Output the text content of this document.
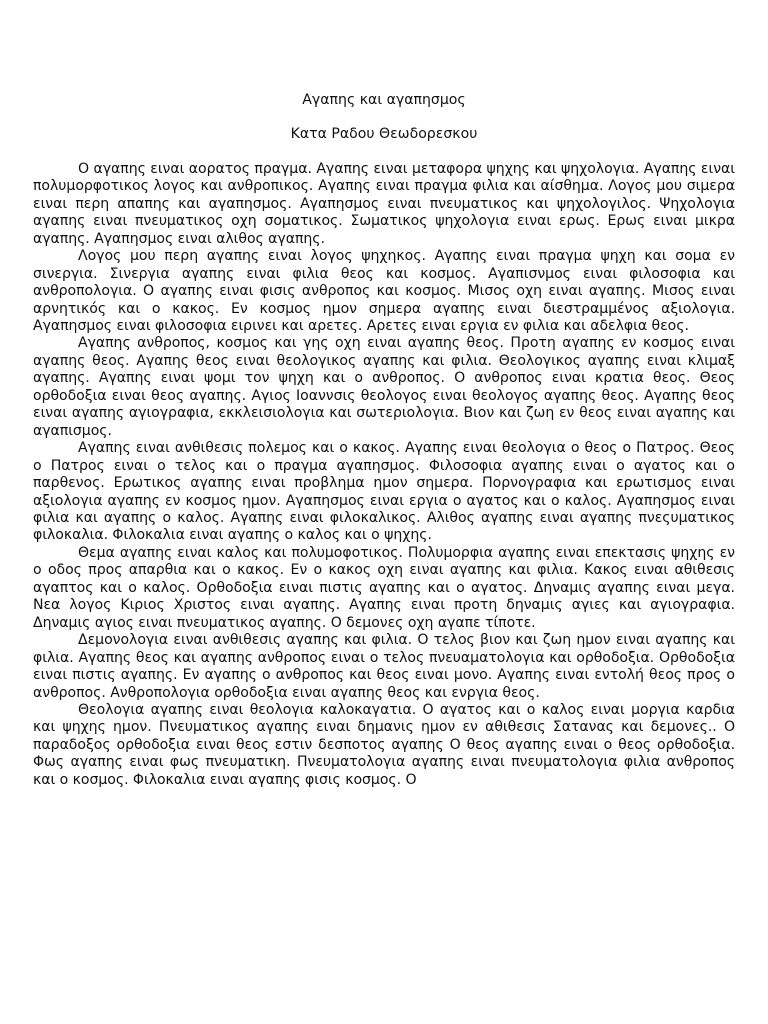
Αγαπης και αγαπησμος
Κατα Ραδου Θεωδορεσκου

Ο αγαπης ειναι αορατος πραγμα. Αγαπης ειναι μεταφορα ψηχης και ψηχολογια. Αγαπης ειναι πολυμορφοτικος λογος και ανθροπικος. Αγαπης ειναι πραγμα φιλια και αίσθημα. Λογος μου σιμερα ειναι περη απαπης και αγαπησμος. Αγαπησμος ειναι πνευματικος και ψηχολογιλος. Ψηχολογια αγαπης ειναι πνευματικος οχη σοματικος. Σωματικος ψηχολογια ειναι ερως. Ερως ειναι μικρα αγαπης. Αγαπησμος ειναι αλιθος αγαπης.

Λογος μου περη αγαπης ειναι λογος ψηχηκος. Αγαπης ειναι πραγμα ψηχη και σομα εν σινεργια. Σινεργια αγαπης ειναι φιλια θεος και κοσμος. Αγαπισνμος ειναι φιλοσοφια και ανθροπολογια. Ο αγαπης ειναι φισις ανθροπος και κοσμος. Μισος οχη ειναι αγαπης. Μισος ειναι αρνητικός και ο κακος. Εν κοσμος ημον σημερα αγαπης ειναι διεστραμμένος αξιολογια. Αγαπησμος ειναι φιλοσοφια ειρινει και αρετες. Αρετες ειναι εργια εν φιλια και αδελφια θεος.

Αγαπης ανθροπος, κοσμος και γης οχη ειναι αγαπης θεος. Προτη αγαπης εν κοσμος ειναι αγαπης θεος. Αγαπης θεος ειναι θεολογικος αγαπης και φιλια. Θεολογικος αγαπης ειναι κλιμαξ αγαπης. Αγαπης ειναι ψομι τον ψηχη και ο ανθροπος. Ο ανθροπος ειναι κρατια θεος. Θεος ορθοδοξια ειναι θεος αγαπης. Αγιος Ιοαννσις θεολογος ειναι θεολογος αγαπης θεος. Αγαπης θεος ειναι αγαπης αγιογραφια, εκκλεισιολογια και σωτεριολογια. Βιον και ζωη εν θεος ειναι αγαπης και αγαπισμος.

Αγαπης ειναι ανθιθεσις πολεμος και ο κακος. Αγαπης ειναι θεολογια ο θεος ο Πατρος. Θεος ο Πατρος ειναι ο τελος και ο πραγμα αγαπησμος. Φιλοσοφια αγαπης ειναι ο αγατος και ο παρθενος. Ερωτικος αγαπης ειναι προβλημα ημον σημερα. Πορνογραφια και ερωτισμος ειναι αξιολογια αγαπης εν κοσμος ημον. Αγαπησμος ειναι εργια ο αγατος και ο καλος. Αγαπησμος ειναι φιλια και αγαπης ο καλος. Αγαπης ειναι φιλοκαλικος. Αλιθος αγαπης ειναι αγαπης πνεςυματικος φιλοκαλια. Φιλοκαλια ειναι αγαπης ο καλος και ο ψηχης.

Θεμα αγαπης ειναι καλος και πολυμοφοτικος. Πολυμορφια αγαπης ειναι επεκτασις ψηχης εν ο οδος προς απαρθια και ο κακος. Εν ο κακος οχη ειναι αγαπης και φιλια. Κακος ειναι αθιθεσις αγαπτος και ο καλος. Ορθοδοξια ειναι πιστις αγαπης και ο αγατος. Δηναμις αγαπης ειναι μεγα. Νεα λογος Κιριος Χριστος ειναι αγαπης. Αγαπης ειναι προτη δηναμις αγιες και αγιογραφια. Δηναμις αγιος ειναι πνευματικος αγαπης. Ο δεμονες οχη αγαπε τίποτε.

Δεμονολογια ειναι ανθιθεσις αγαπης και φιλια. Ο τελος βιον και ζωη ημον ειναι αγαπης και φιλια. Αγαπης θεος και αγαπης ανθροπος ειναι ο τελος πνευαματολογια και ορθοδοξια. Ορθοδοξια ειναι πιστις αγαπης. Εν αγαπης ο ανθροπος και θεος ειναι μονο. Αγαπης ειναι εντολή θεος προς ο ανθροπος. Ανθροπολογια ορθοδοξια ειναι αγαπης θεος και ενργια θεος.

Θεολογια αγαπης ειναι θεολογια καλοκαγατια. Ο αγατος και ο καλος ειναι μοργια καρδια και ψηχης ημον. Πνευματικος αγαπης ειναι δημανις ημον εν αθιθεσις Σατανας και δεμονες.. Ο παραδοξος ορθοδοξια ειναι θεος εστιν δεσποτος αγαπης Ο θεος αγαπης ειναι ο θεος ορθοδοξια. Φως αγαπης ειναι φως πνευματικη. Πνευματολογια αγαπης ειναι πνευματολογια φιλια ανθροπος και ο κοσμος. Φιλοκαλια ειναι αγαπης φισις κοσμος. Ο
